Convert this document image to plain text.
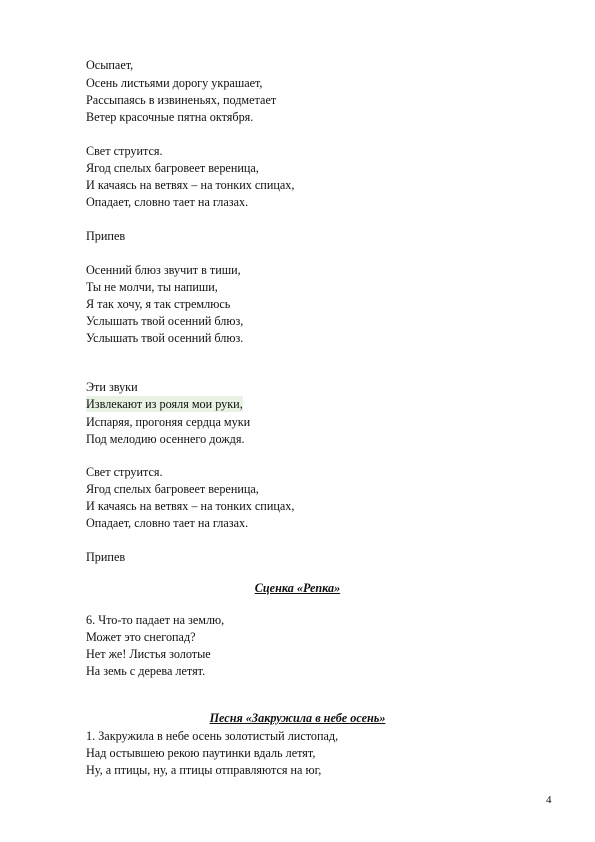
Осыпает,
Осень листьями дорогу украшает,
Рассыпаясь в извиненьях, подметает
Ветер красочные пятна октября.
Свет струится.
Ягод спелых багровеет вереница,
И качаясь на ветвях – на тонких спицах,
Опадает, словно тает на глазах.
Припев
Осенний блюз звучит в тиши,
Ты не молчи, ты напиши,
Я так хочу, я так стремлюсь
Услышать твой осенний блюз,
Услышать твой осенний блюз.
Эти звуки
Извлекают из рояля мои руки,
Испаряя, прогоняя сердца муки
Под мелодию осеннего дождя.
Свет струится.
Ягод спелых багровеет вереница,
И качаясь на ветвях – на тонких спицах,
Опадает, словно тает на глазах.
Припев
Сценка «Репка»
6. Что-то падает на землю,
Может это снегопад?
Нет же! Листья золотые
На земь с дерева летят.
Песня «Закружила в небе осень»
1. Закружила в небе осень золотистый листопад,
Над остывшею рекою паутинки вдаль летят,
Ну, а птицы, ну, а птицы отправляются на юг,
4
